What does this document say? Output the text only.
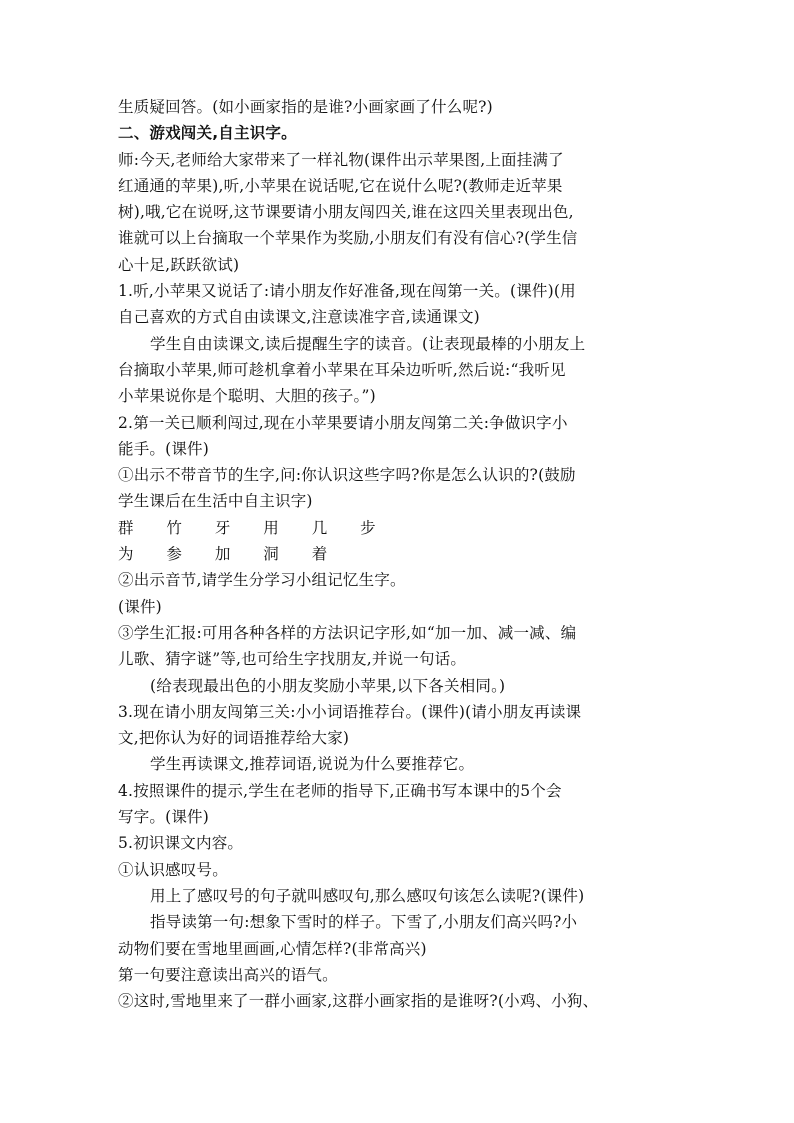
生质疑回答。(如小画家指的是谁?小画家画了什么呢?)

二、游戏闯关,自主识字。

师:今天,老师给大家带来了一样礼物(课件出示苹果图,上面挂满了

红通通的苹果),听,小苹果在说话呢,它在说什么呢?(教师走近苹果

树),哦,它在说呀,这节课要请小朋友闯四关,谁在这四关里表现出色,

谁就可以上台摘取一个苹果作为奖励,小朋友们有没有信心?(学生信

心十足,跃跃欲试)

1.听,小苹果又说话了:请小朋友作好准备,现在闯第一关。(课件)(用

自己喜欢的方式自由读课文,注意读准字音,读通课文)

学生自由读课文,读后提醒生字的读音。(让表现最棒的小朋友上

台摘取小苹果,师可趁机拿着小苹果在耳朵边听听,然后说:“我听见

小苹果说你是个聪明、大胆的孩子。”)

2.第一关已顺利闯过,现在小苹果要请小朋友闯第二关:争做识字小

能手。(课件)

①出示不带音节的生字,问:你认识这些字吗?你是怎么认识的?(鼓励

学生课后在生活中自主识字)

群 竹 牙 用 几 步

为 参 加 洞 着

②出示音节,请学生分学习小组记忆生字。

(课件)

③学生汇报:可用各种各样的方法识记字形,如“加一加、减一减、编

儿歌、猜字谜”等,也可给生字找朋友,并说一句话。

(给表现最出色的小朋友奖励小苹果,以下各关相同。)

3.现在请小朋友闯第三关:小小词语推荐台。(课件)(请小朋友再读课

文,把你认为好的词语推荐给大家)

学生再读课文,推荐词语,说说为什么要推荐它。

4.按照课件的提示,学生在老师的指导下,正确书写本课中的5个会

写字。(课件)

5.初识课文内容。

①认识感叹号。

用上了感叹号的句子就叫感叹句,那么感叹句该怎么读呢?(课件)

指导读第一句:想象下雪时的样子。下雪了,小朋友们高兴吗?小

动物们要在雪地里画画,心情怎样?(非常高兴)

第一句要注意读出高兴的语气。

②这时,雪地里来了一群小画家,这群小画家指的是谁呀?(小鸡、小狗、
